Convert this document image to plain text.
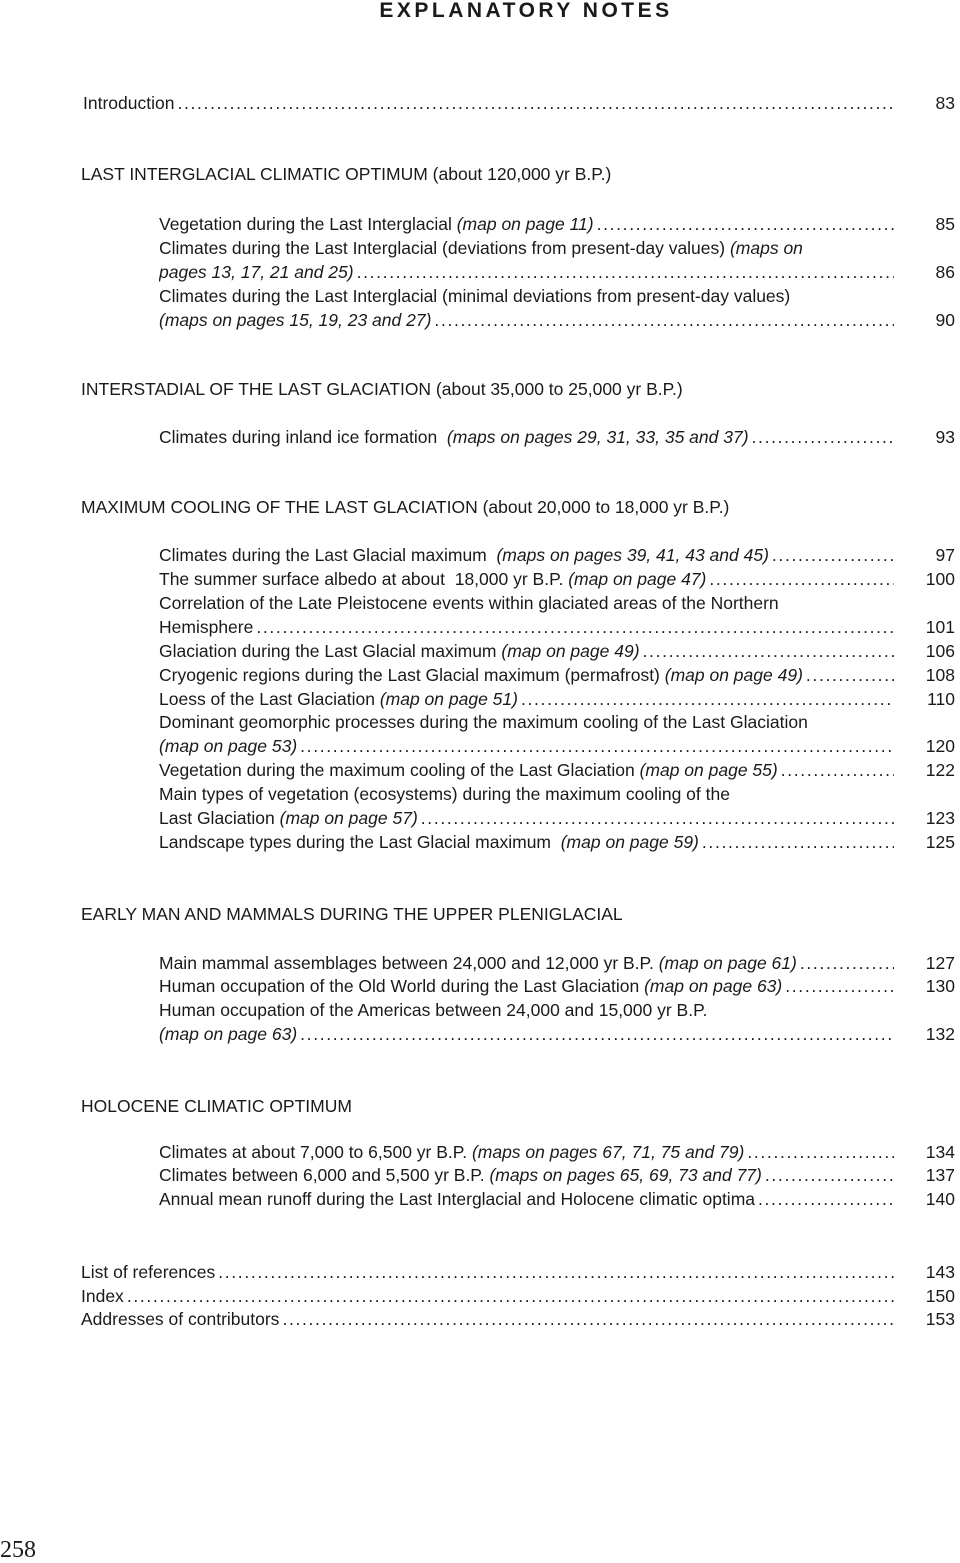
EXPLANATORY NOTES
Introduction . . .	83
LAST INTERGLACIAL CLIMATIC OPTIMUM (about 120,000 yr B.P.)
Vegetation during the Last Interglacial (map on page 11) . . .	85
Climates during the Last Interglacial (deviations from present-day values) (maps on
pages 13, 17, 21 and 25) . . .	86
Climates during the Last Interglacial (minimal deviations from present-day values)
(maps on pages 15, 19, 23 and 27) . . .	90
INTERSTADIAL OF THE LAST GLACIATION (about 35,000 to 25,000 yr B.P.)
Climates during inland ice formation  (maps on pages 29, 31, 33, 35 and 37) . . .	93
MAXIMUM COOLING OF THE LAST GLACIATION (about 20,000 to 18,000 yr B.P.)
Climates during the Last Glacial maximum  (maps on pages 39, 41, 43 and 45) . . .	97
The summer surface albedo at about  18,000 yr B.P. (map on page 47) . . .	100
Correlation of the Late Pleistocene events within glaciated areas of the Northern
Hemisphere . . .	101
Glaciation during the Last Glacial maximum (map on page 49) . . .	106
Cryogenic regions during the Last Glacial maximum (permafrost) (map on page 49) . . .	108
Loess of the Last Glaciation (map on page 51) . . .	110
Dominant geomorphic processes during the maximum cooling of the Last Glaciation
(map on page 53) . . .	120
Vegetation during the maximum cooling of the Last Glaciation (map on page 55) . . .	122
Main types of vegetation (ecosystems) during the maximum cooling of the
Last Glaciation (map on page 57) . . .	123
Landscape types during the Last Glacial maximum  (map on page 59) . . .	125
EARLY MAN AND MAMMALS DURING THE UPPER PLENIGLACIAL
Main mammal assemblages between 24,000 and 12,000 yr B.P. (map on page 61) . . .	127
Human occupation of the Old World during the Last Glaciation (map on page 63) . . .	130
Human occupation of the Americas between 24,000 and 15,000 yr B.P.
(map on page 63) . . .	132
HOLOCENE CLIMATIC OPTIMUM
Climates at about 7,000 to 6,500 yr B.P. (maps on pages 67, 71, 75 and 79) . . .	134
Climates between 6,000 and 5,500 yr B.P. (maps on pages 65, 69, 73 and 77) . . .	137
Annual mean runoff during the Last Interglacial and Holocene climatic optima . . .	140
List of references . . .	143
Index . . .	150
Addresses of contributors . . .	153
258
